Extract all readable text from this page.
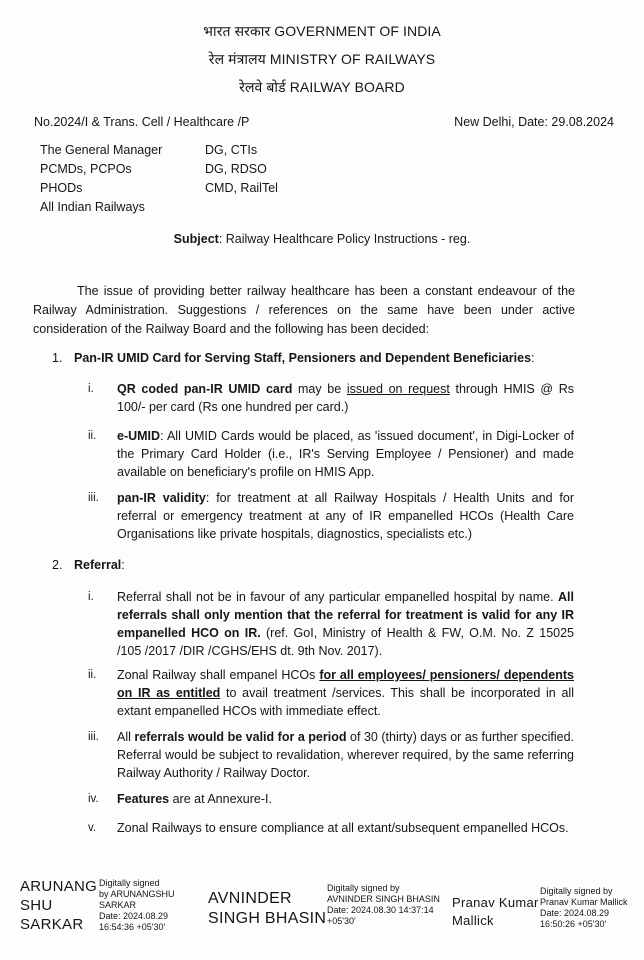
भारत सरकार GOVERNMENT OF INDIA
रेल मंत्रालय MINISTRY OF RAILWAYS
रेलवे बोर्ड RAILWAY BOARD
No.2024/I & Trans. Cell / Healthcare /P	New Delhi, Date: 29.08.2024
The General Manager
PCMDs, PCPOs
PHODs
All Indian Railways
DG, CTIs
DG, RDSO
CMD, RailTel
Subject: Railway Healthcare Policy Instructions - reg.
The issue of providing better railway healthcare has been a constant endeavour of the Railway Administration. Suggestions / references on the same have been under active consideration of the Railway Board and the following has been decided:
1. Pan-IR UMID Card for Serving Staff, Pensioners and Dependent Beneficiaries:
i. QR coded pan-IR UMID card may be issued on request through HMIS @ Rs 100/- per card (Rs one hundred per card.)
ii. e-UMID: All UMID Cards would be placed, as 'issued document', in Digi-Locker of the Primary Card Holder (i.e., IR's Serving Employee / Pensioner) and made available on beneficiary's profile on HMIS App.
iii. pan-IR validity: for treatment at all Railway Hospitals / Health Units and for referral or emergency treatment at any of IR empanelled HCOs (Health Care Organisations like private hospitals, diagnostics, specialists etc.)
2. Referral:
i. Referral shall not be in favour of any particular empanelled hospital by name. All referrals shall only mention that the referral for treatment is valid for any IR empanelled HCO on IR. (ref. GoI, Ministry of Health & FW, O.M. No. Z 15025 /105 /2017 /DIR /CGHS/EHS dt. 9th Nov. 2017).
ii. Zonal Railway shall empanel HCOs for all employees/ pensioners/ dependents on IR as entitled to avail treatment /services. This shall be incorporated in all extant empanelled HCOs with immediate effect.
iii. All referrals would be valid for a period of 30 (thirty) days or as further specified. Referral would be subject to revalidation, wherever required, by the same referring Railway Authority / Railway Doctor.
iv. Features are at Annexure-I.
v. Zonal Railways to ensure compliance at all extant/subsequent empanelled HCOs.
ARUNANG
SHU
SARKAR
Digitally signed
by ARUNANGSHU
SARKAR
Date: 2024.08.29
16:54:36 +05'30'
AVNINDER
SINGH BHASIN
Digitally signed by
AVNINDER SINGH BHASIN
Date: 2024.08.30 14:37:14
+05'30'
Pranav Kumar
Mallick
Digitally signed by
Pranav Kumar Mallick
Date: 2024.08.29
16:50:26 +05'30'
